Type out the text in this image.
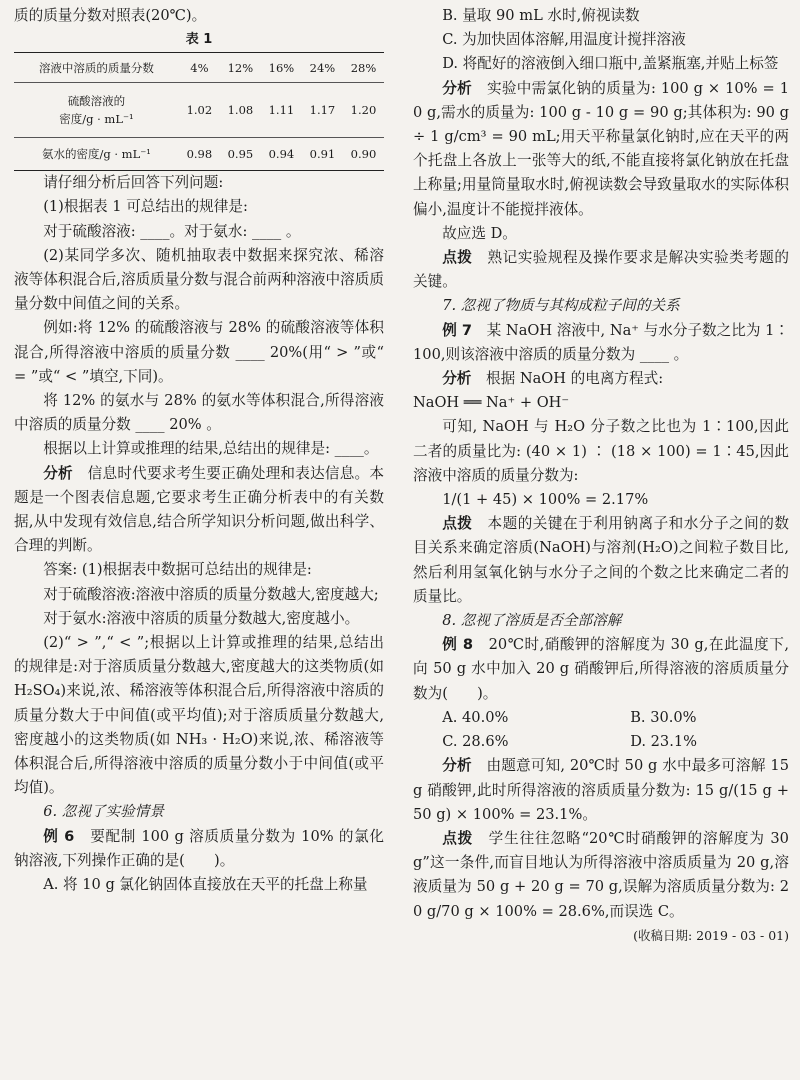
质的质量分数对照表(20℃)。

表 1
溶液中溶质的质量分数	4%	12%	16%	24%	28%
硫酸溶液的
密度/g · mL⁻¹	1.02	1.08	1.11	1.17	1.20
氨水的密度/g · mL⁻¹	0.98	0.95	0.94	0.91	0.90

请仔细分析后回答下列问题:

(1)根据表 1 可总结出的规律是:

对于硫酸溶液: ____。对于氨水: ____ 。

(2)某同学多次、随机抽取表中数据来探究浓、稀溶液等体积混合后,溶质质量分数与混合前两种溶液中溶质质量分数中间值之间的关系。

例如:将 12% 的硫酸溶液与 28% 的硫酸溶液等体积混合,所得溶液中溶质的质量分数 ____ 20%(用“ > ”或“ = ”或“ < ”填空,下同)。

将 12% 的氨水与 28% 的氨水等体积混合,所得溶液中溶质的质量分数 ____ 20% 。

根据以上计算或推理的结果,总结出的规律是: ____。

分析　 信息时代要求考生要正确处理和表达信息。本题是一个图表信息题,它要求考生正确分析表中的有关数据,从中发现有效信息,结合所学知识分析问题,做出科学、合理的判断。

答案: (1)根据表中数据可总结出的规律是:

对于硫酸溶液:溶液中溶质的质量分数越大,密度越大;

对于氨水:溶液中溶质的质量分数越大,密度越小。

(2)“ > ”,“ < ”;根据以上计算或推理的结果,总结出的规律是:对于溶质质量分数越大,密度越大的这类物质(如 H₂SO₄)来说,浓、稀溶液等体积混合后,所得溶液中溶质的质量分数大于中间值(或平均值);对于溶质质量分数越大,密度越小的这类物质(如 NH₃ · H₂O)来说,浓、稀溶液等体积混合后,所得溶液中溶质的质量分数小于中间值(或平均值)。

6. 忽视了实验情景

例 6　 要配制 100 g 溶质质量分数为 10% 的氯化钠溶液,下列操作正确的是(　　)。

A. 将 10 g 氯化钠固体直接放在天平的托盘上称量

B. 量取 90 mL 水时,俯视读数

C. 为加快固体溶解,用温度计搅拌溶液

D. 将配好的溶液倒入细口瓶中,盖紧瓶塞,并贴上标签

分析　 实验中需氯化钠的质量为: 100 g × 10% = 10 g,需水的质量为: 100 g - 10 g = 90 g;其体积为: 90 g ÷ 1 g/cm³ = 90 mL;用天平称量氯化钠时,应在天平的两个托盘上各放上一张等大的纸,不能直接将氯化钠放在托盘上称量;用量筒量取水时,俯视读数会导致量取水的实际体积偏小,温度计不能搅拌液体。

故应选 D。

点拨　 熟记实验规程及操作要求是解决实验类考题的关键。

7. 忽视了物质与其构成粒子间的关系

例 7　 某 NaOH 溶液中, Na⁺ 与水分子数之比为 1∶100,则该溶液中溶质的质量分数为 ____ 。

分析　 根据 NaOH 的电离方程式:

NaOH ══ Na⁺ + OH⁻

可知, NaOH 与 H₂O 分子数之比也为 1∶100,因此二者的质量比为: (40 × 1) ∶ (18 × 100) = 1∶45,因此溶液中溶质的质量分数为:

1/(1 + 45) × 100% = 2.17%

点拨　 本题的关键在于利用钠离子和水分子之间的数目关系来确定溶质(NaOH)与溶剂(H₂O)之间粒子数目比,然后利用氢氧化钠与水分子之间的个数之比来确定二者的质量比。

8. 忽视了溶质是否全部溶解

例 8　 20℃时,硝酸钾的溶解度为 30 g,在此温度下,向 50 g 水中加入 20 g 硝酸钾后,所得溶液的溶质质量分数为(　　)。

A. 40.0%	B. 30.0%
C. 28.6%	D. 23.1%

分析　 由题意可知, 20℃时 50 g 水中最多可溶解 15 g 硝酸钾,此时所得溶液的溶质质量分数为: 15 g/(15 g + 50 g) × 100% = 23.1%。

点拨　 学生往往忽略“20℃时硝酸钾的溶解度为 30 g”这一条件,而盲目地认为所得溶液中溶质质量为 20 g,溶液质量为 50 g + 20 g = 70 g,误解为溶质质量分数为: 20 g/70 g × 100% = 28.6%,而误选 C。
(收稿日期: 2019 - 03 - 01)
